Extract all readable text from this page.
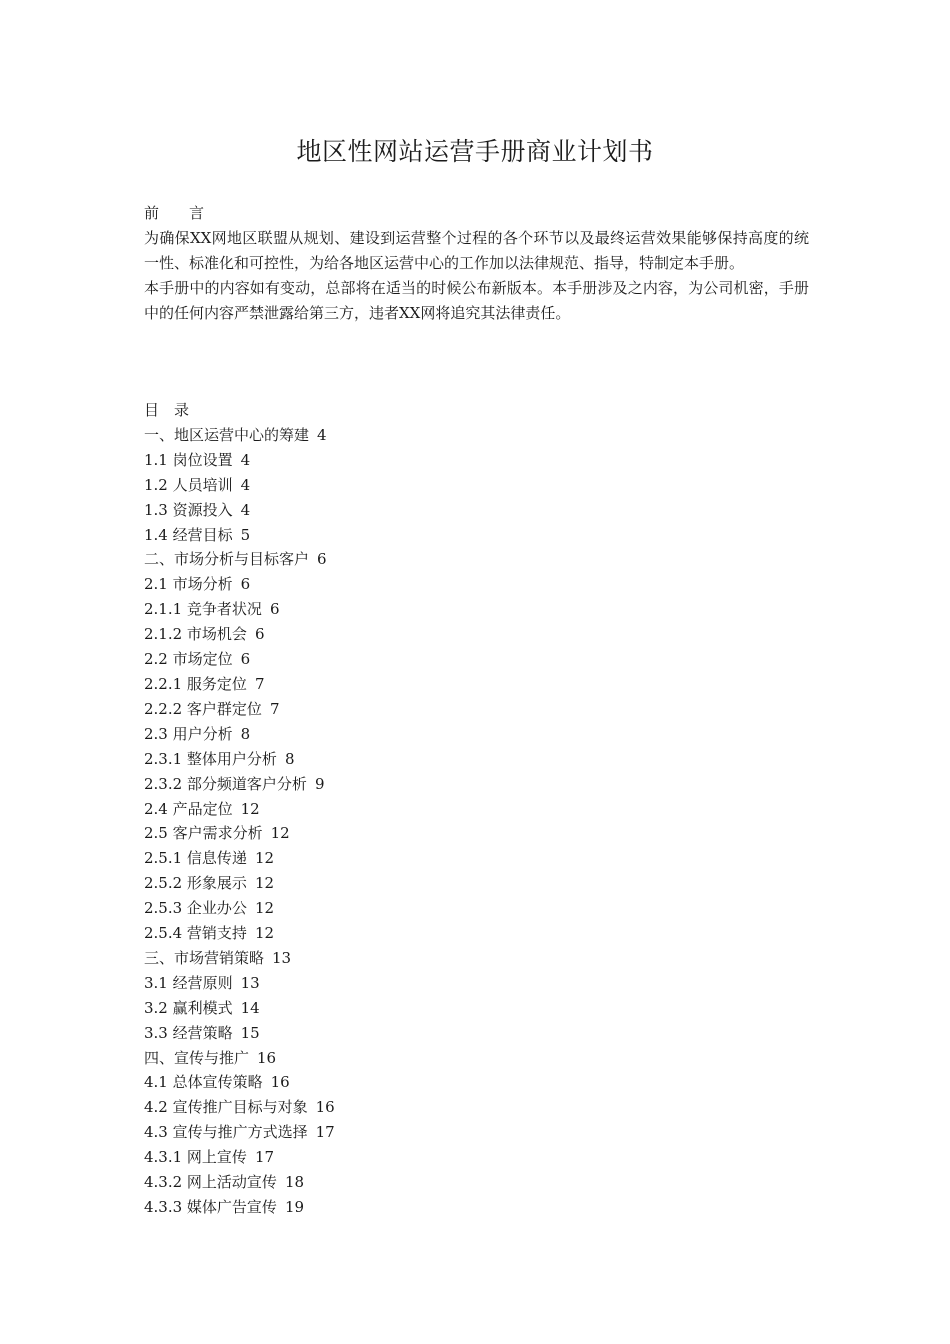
地区性网站运营手册商业计划书
前　　言

为确保XX网地区联盟从规划、建设到运营整个过程的各个环节以及最终运营效果能够保持高度的统一性、标准化和可控性，为给各地区运营中心的工作加以法律规范、指导，特制定本手册。

本手册中的内容如有变动，总部将在适当的时候公布新版本。本手册涉及之内容，为公司机密，手册中的任何内容严禁泄露给第三方，违者XX网将追究其法律责任。

目　录
一、地区运营中心的筹建 4
1.1 岗位设置 4
1.2 人员培训 4
1.3 资源投入 4
1.4 经营目标 5
二、市场分析与目标客户 6
2.1 市场分析 6
2.1.1 竞争者状况 6
2.1.2 市场机会 6
2.2 市场定位 6
2.2.1 服务定位 7
2.2.2 客户群定位 7
2.3 用户分析 8
2.3.1 整体用户分析 8
2.3.2 部分频道客户分析 9
2.4 产品定位 12
2.5 客户需求分析 12
2.5.1 信息传递 12
2.5.2 形象展示 12
2.5.3 企业办公 12
2.5.4 营销支持 12
三、市场营销策略 13
3.1 经营原则 13
3.2 赢利模式 14
3.3 经营策略 15
四、宣传与推广 16
4.1 总体宣传策略 16
4.2 宣传推广目标与对象 16
4.3 宣传与推广方式选择 17
4.3.1 网上宣传 17
4.3.2 网上活动宣传 18
4.3.3 媒体广告宣传 19
